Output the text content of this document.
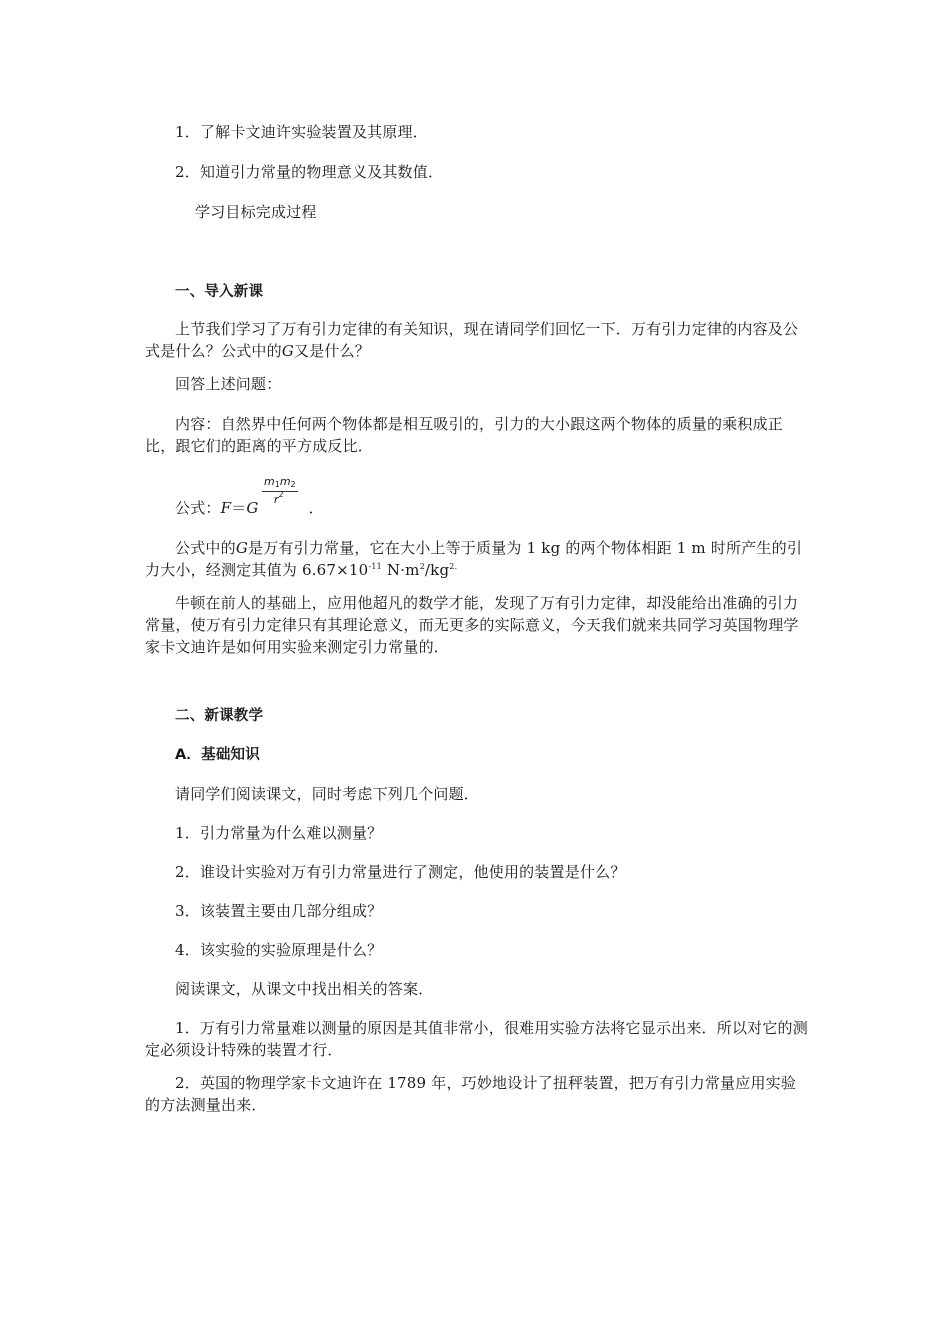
1．了解卡文迪许实验装置及其原理．

2．知道引力常量的物理意义及其数值．

学习目标完成过程

一、导入新课

上节我们学习了万有引力定律的有关知识，现在请同学们回忆一下．万有引力定律的内容及公式是什么？公式中的G又是什么？

回答上述问题：

内容：自然界中任何两个物体都是相互吸引的，引力的大小跟这两个物体的质量的乘积成正比，跟它们的距离的平方成反比．

$m_1m_2$
$r^2$

公式：F＝G	．

公式中的G是万有引力常量，它在大小上等于质量为 1 kg 的两个物体相距 1 m 时所产生的引力大小，经测定其值为 $6.67\times 10^{-11}$ $N\cdot m^2/kg^{2.}$

牛顿在前人的基础上，应用他超凡的数学才能，发现了万有引力定律，却没能给出准确的引力常量，使万有引力定律只有其理论意义，而无更多的实际意义，今天我们就来共同学习英国物理学家卡文迪许是如何用实验来测定引力常量的．

二、新课教学

A．基础知识

请同学们阅读课文，同时考虑下列几个问题．

1．引力常量为什么难以测量？

2．谁设计实验对万有引力常量进行了测定，他使用的装置是什么？

3．该装置主要由几部分组成？

4．该实验的实验原理是什么？

阅读课文，从课文中找出相关的答案．

1．万有引力常量难以测量的原因是其值非常小，很难用实验方法将它显示出来．所以对它的测定必须设计特殊的装置才行．

2．英国的物理学家卡文迪许在 1789 年，巧妙地设计了扭秤装置，把万有引力常量应用实验的方法测量出来．
